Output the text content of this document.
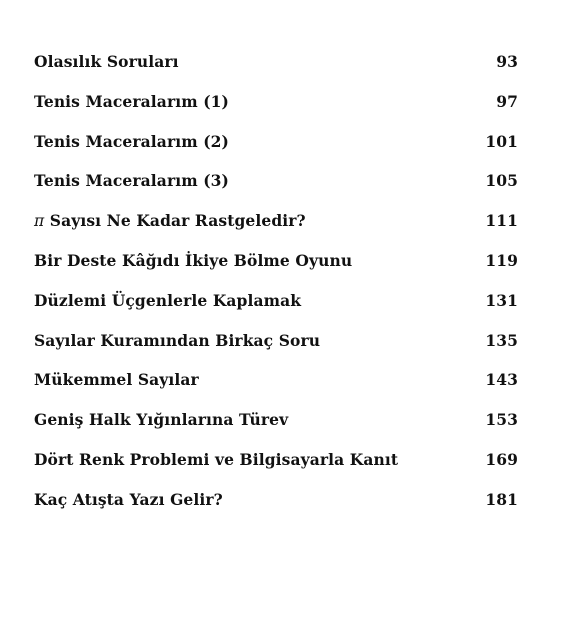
Olasılık Soruları	93
Tenis Maceralarım (1)	97
Tenis Maceralarım (2)	101
Tenis Maceralarım (3)	105
π Sayısı Ne Kadar Rastgeledir?	111
Bir Deste Kâğıdı İkiye Bölme Oyunu	119
Düzlemi Üçgenlerle Kaplamak	131
Sayılar Kuramından Birkaç Soru	135
Mükemmel Sayılar	143
Geniş Halk Yığınlarına Türev	153
Dört Renk Problemi ve Bilgisayarla Kanıt	169
Kaç Atışta Yazı Gelir?	181
